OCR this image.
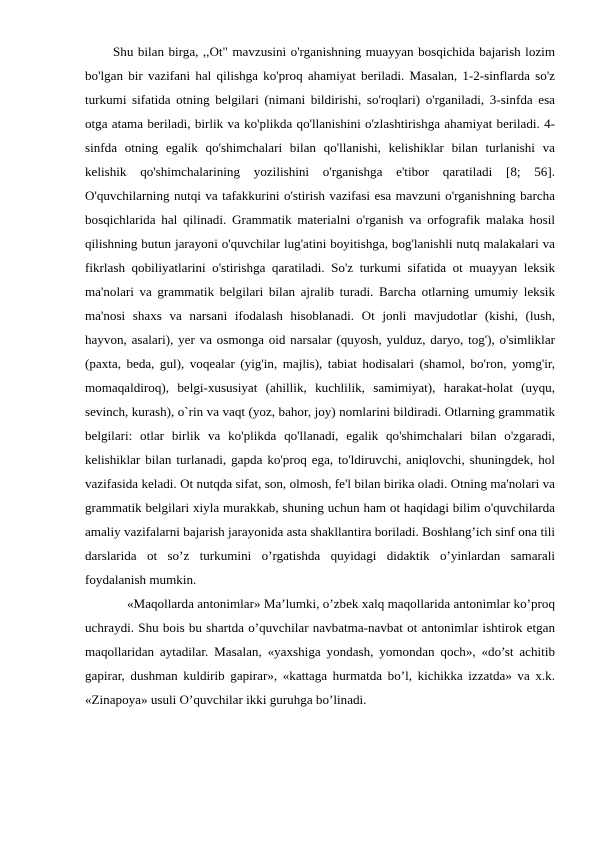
Shu bilan birga, ,,Ot" mavzusini o'rganishning muayyan bosqichida bajarish lozim bo'lgan bir vazifani hal qilishga ko'proq ahamiyat beriladi. Masalan, 1-2-sinflarda so'z turkumi sifatida otning belgilari (nimani bildirishi, so'roqlari) o'rganiladi, 3-sinfda esa otga atama beriladi, birlik va ko'plikda qo'llanishini o'zlashtirishga ahamiyat beriladi. 4-sinfda otning egalik qo'shimchalari bilan qo'llanishi, kelishiklar bilan turlanishi va kelishik qo'shimchalarining yozilishini o'rganishga e'tibor qaratiladi [8; 56]. O'quvchilarning nutqi va tafakkurini o'stirish vazifasi esa mavzuni o'rganishning barcha bosqichlarida hal qilinadi. Grammatik materialni o'rganish va orfografik malaka hosil qilishning butun jarayoni o'quvchilar lug'atini boyitishga, bog'lanishli nutq malakalari va fikrlash qobiliyatlarini o'stirishga qaratiladi. So'z turkumi sifatida ot muayyan leksik ma'nolari va grammatik belgilari bilan ajralib turadi. Barcha otlarning umumiy leksik ma'nosi shaxs va narsani ifodalash hisoblanadi. Ot jonli mavjudotlar (kishi, (lush, hayvon, asalari), yer va osmonga oid narsalar (quyosh, yulduz, daryo, tog'), o'simliklar (paxta, beda, gul), voqealar (yig'in, majlis), tabiat hodisalari (shamol, bo'ron, yomg'ir, momaqaldiroq), belgi-xususiyat (ahillik, kuchlilik, samimiyat), harakat-holat (uyqu, sevinch, kurash), o`rin va vaqt (yoz, bahor, joy) nomlarini bildiradi. Otlarning grammatik belgilari: otlar birlik va ko'plikda qo'llanadi, egalik qo'shimchalari bilan o'zgaradi, kelishiklar bilan turlanadi, gapda ko'proq ega, to'ldiruvchi, aniqlovchi, shuningdek, hol vazifasida keladi. Ot nutqda sifat, son, olmosh, fe'l bilan birika oladi. Otning ma'nolari va grammatik belgilari xiyla murakkab, shuning uchun ham ot haqidagi bilim o'quvchilarda amaliy vazifalarni bajarish jarayonida asta shakllantira boriladi. Boshlang’ich sinf ona tili darslarida ot so’z turkumini o’rgatishda quyidagi didaktik o’yinlardan samarali foydalanish mumkin.

«Maqollarda antonimlar» Ma’lumki, o’zbek xalq maqollarida antonimlar ko’proq uchraydi. Shu bois bu shartda o’quvchilar navbatma-navbat ot antonimlar ishtirok etgan maqollaridan aytadilar. Masalan, «yaxshiga yondash, yomondan qoch», «do’st achitib gapirar, dushman kuldirib gapirar», «kattaga hurmatda bo’l, kichikka izzatda» va x.k. «Zinapoya» usuli O’quvchilar ikki guruhga bo’linadi.
